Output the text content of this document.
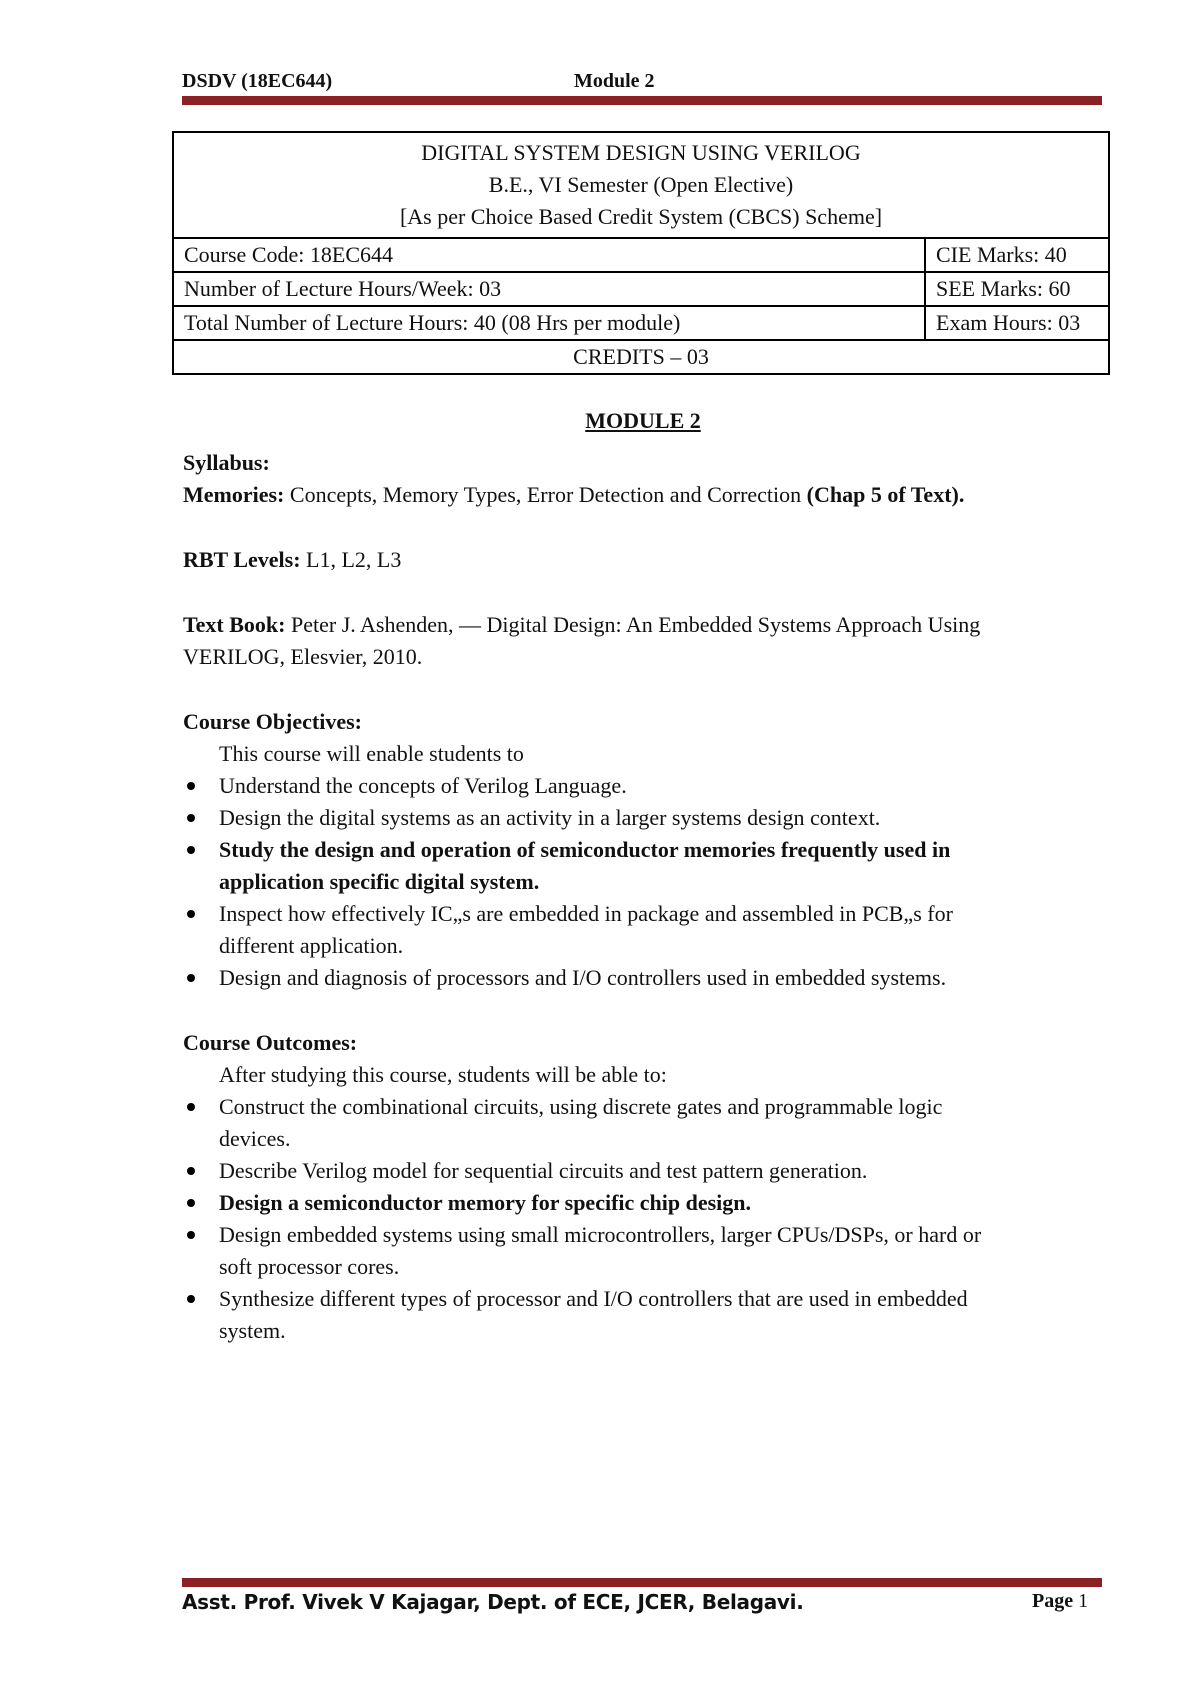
DSDV (18EC644)	Module 2
DIGITAL SYSTEM DESIGN USING VERILOG
B.E., VI Semester (Open Elective)
[As per Choice Based Credit System (CBCS) Scheme]	

Course Code: 18EC644	CIE Marks: 40
Number of Lecture Hours/Week: 03	SEE Marks: 60
Total Number of Lecture Hours: 40 (08 Hrs per module)	Exam Hours: 03
CREDITS – 03	

MODULE 2

Syllabus:

Memories: Concepts, Memory Types, Error Detection and Correction (Chap 5 of Text).

RBT Levels: L1, L2, L3

Text Book: Peter J. Ashenden, ― Digital Design: An Embedded Systems Approach Using

VERILOG, Elesvier, 2010.

Course Objectives:

This course will enable students to

Understand the concepts of Verilog Language.
Design the digital systems as an activity in a larger systems design context.
Study the design and operation of semiconductor memories frequently used in
application specific digital system.
Inspect how effectively IC„s are embedded in package and assembled in PCB„s for
different application.
Design and diagnosis of processors and I/O controllers used in embedded systems.

Course Outcomes:

After studying this course, students will be able to:

Construct the combinational circuits, using discrete gates and programmable logic
devices.
Describe Verilog model for sequential circuits and test pattern generation.
Design a semiconductor memory for specific chip design.
Design embedded systems using small microcontrollers, larger CPUs/DSPs, or hard or
soft processor cores.
Synthesize different types of processor and I/O controllers that are used in embedded
system.
Asst. Prof. Vivek V Kajagar, Dept. of ECE, JCER, Belagavi.	Page 1
